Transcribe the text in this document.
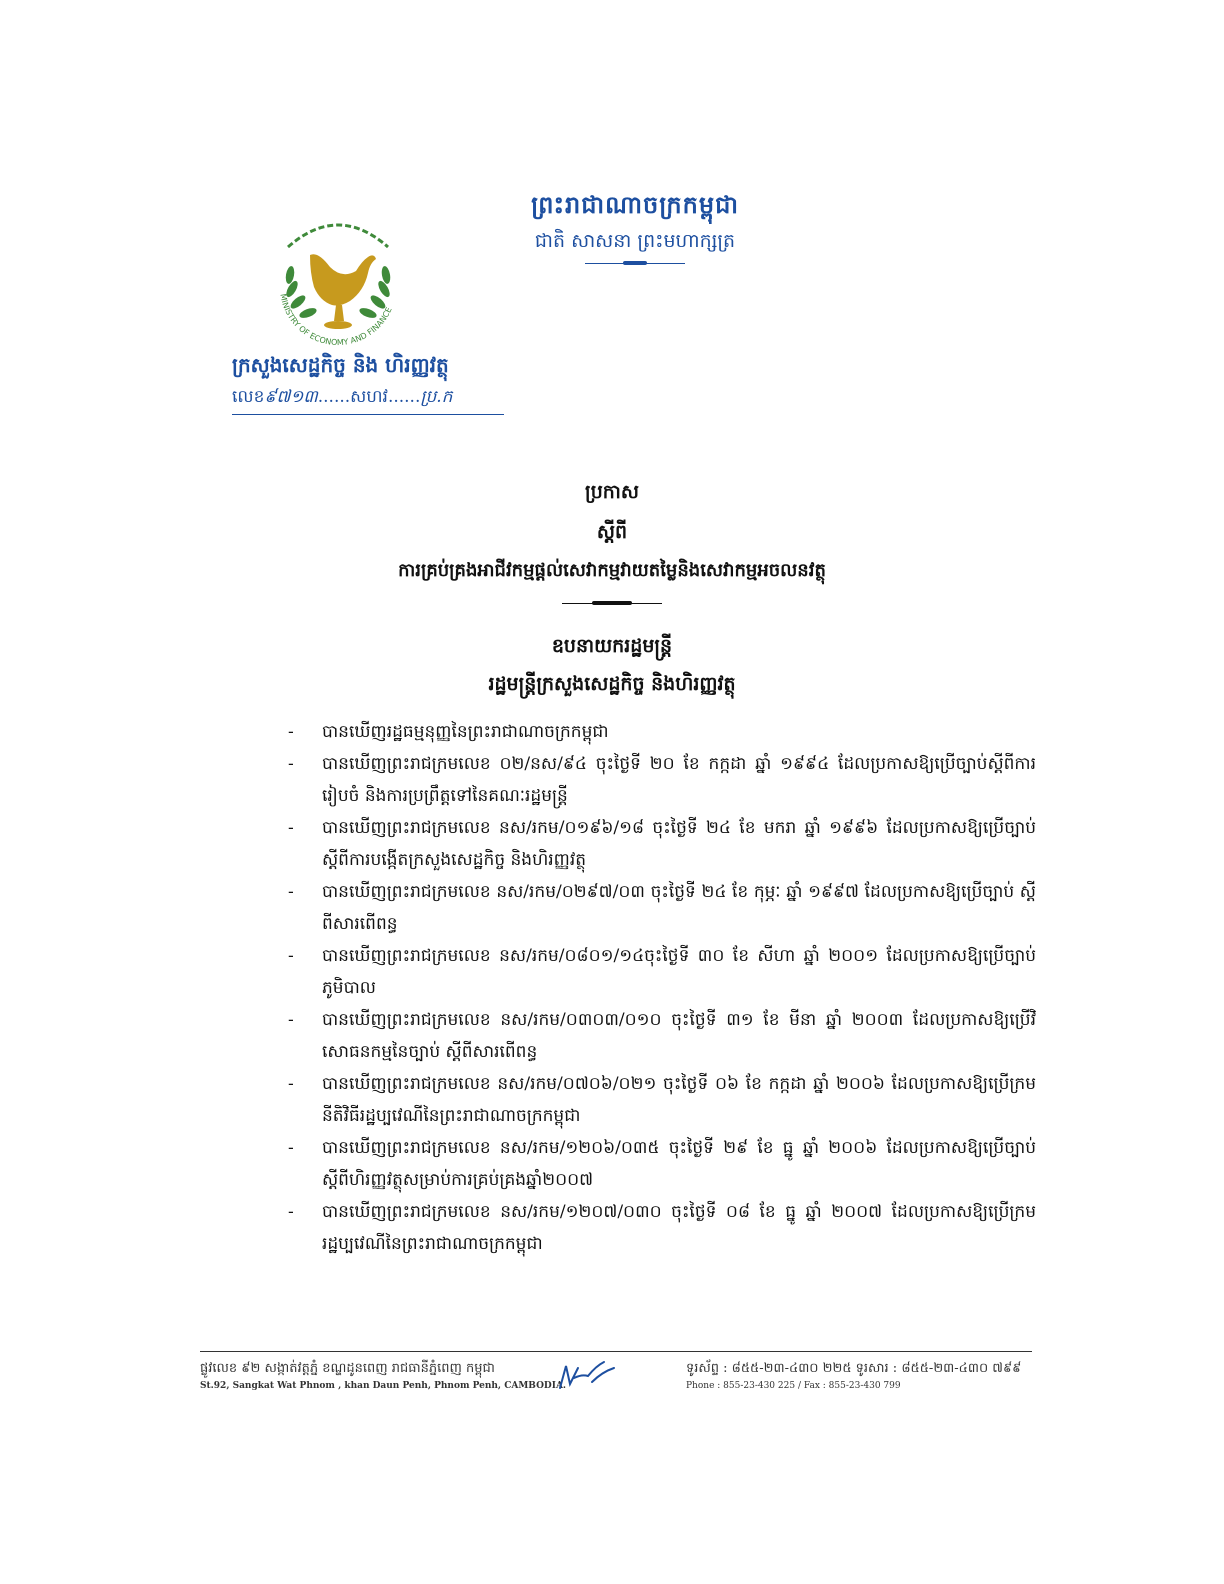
ព្រះរាជាណាចក្រកម្ពុជា
ជាតិ សាសនា ព្រះមហាក្សត្រ
MINISTRY OF ECONOMY AND FINANCE
ក្រសួងសេដ្ឋកិច្ច និង ហិរញ្ញវត្ថុ
លេខ៩៧១៣......សហវ......ប្រ.ក
ប្រកាស
ស្តីពី
ការគ្រប់គ្រងអាជីវកម្មផ្តល់សេវាកម្មវាយតម្លៃនិងសេវាកម្មអចលនវត្ថុ
ឧបនាយករដ្ឋមន្ត្រី
រដ្ឋមន្ត្រីក្រសួងសេដ្ឋកិច្ច និងហិរញ្ញវត្ថុ
- បានឃើញរដ្ឋធម្មនុញ្ញនៃព្រះរាជាណាចក្រកម្ពុជា
- បានឃើញព្រះរាជក្រមលេខ ០២/នស/៩៤ ចុះថ្ងៃទី ២០ ខែ កក្កដា ឆ្នាំ ១៩៩៤ ដែលប្រកាសឱ្យប្រើច្បាប់ស្តីពីការរៀបចំ និងការប្រព្រឹត្តទៅនៃគណៈរដ្ឋមន្ត្រី
- បានឃើញព្រះរាជក្រមលេខ នស/រកម/០១៩៦/១៨ ចុះថ្ងៃទី ២៤ ខែ មករា ឆ្នាំ ១៩៩៦ ដែលប្រកាសឱ្យប្រើច្បាប់ស្តីពីការបង្កើតក្រសួងសេដ្ឋកិច្ច និងហិរញ្ញវត្ថុ
- បានឃើញព្រះរាជក្រមលេខ នស/រកម/០២៩៧/០៣ ចុះថ្ងៃទី ២៤ ខែ កុម្ភៈ ឆ្នាំ ១៩៩៧ ដែលប្រកាសឱ្យប្រើច្បាប់ ស្តីពីសារពើពន្ធ
- បានឃើញព្រះរាជក្រមលេខ នស/រកម/០៨០១/១៤ចុះថ្ងៃទី ៣០ ខែ សីហា ឆ្នាំ ២០០១ ដែលប្រកាសឱ្យប្រើច្បាប់ភូមិបាល
- បានឃើញព្រះរាជក្រមលេខ នស/រកម/០៣០៣/០១០ ចុះថ្ងៃទី ៣១ ខែ មីនា ឆ្នាំ ២០០៣ ដែលប្រកាសឱ្យប្រើវិសោធនកម្មនៃច្បាប់ ស្តីពីសារពើពន្ធ
- បានឃើញព្រះរាជក្រមលេខ នស/រកម/០៧០៦/០២១ ចុះថ្ងៃទី ០៦ ខែ កក្កដា ឆ្នាំ ២០០៦ ដែលប្រកាសឱ្យប្រើក្រមនីតិវិធីរដ្ឋប្បវេណីនៃព្រះរាជាណាចក្រកម្ពុជា
- បានឃើញព្រះរាជក្រមលេខ នស/រកម/១២០៦/០៣៥ ចុះថ្ងៃទី ២៩ ខែ ធ្នូ ឆ្នាំ ២០០៦ ដែលប្រកាសឱ្យប្រើច្បាប់ស្តីពីហិរញ្ញវត្ថុសម្រាប់ការគ្រប់គ្រងឆ្នាំ២០០៧
- បានឃើញព្រះរាជក្រមលេខ នស/រកម/១២០៧/០៣០ ចុះថ្ងៃទី ០៨ ខែ ធ្នូ ឆ្នាំ ២០០៧ ដែលប្រកាសឱ្យប្រើក្រមរដ្ឋប្បវេណីនៃព្រះរាជាណាចក្រកម្ពុជា
ផ្លូវលេខ ៩២ សង្កាត់វត្តភ្នំ ខណ្ឌដូនពេញ រាជធានីភ្នំពេញ កម្ពុជា
St.92, Sangkat Wat Phnom , khan Daun Penh, Phnom Penh, CAMBODIA.
ទូរស័ព្ទ : ៨៥៥-២៣-៤៣០ ២២៥ ទូរសារ : ៨៥៥-២៣-៤៣០ ៧៩៩
Phone : 855-23-430 225 / Fax : 855-23-430 799
